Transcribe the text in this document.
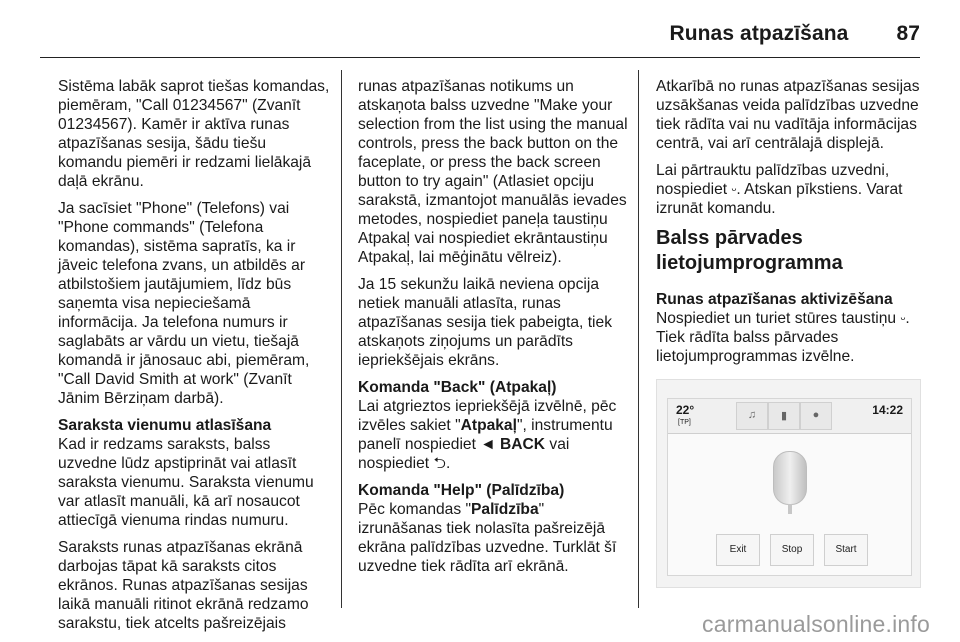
Runas atpazīšana 87

Sistēma labāk saprot tiešas komandas, piemēram, "Call 01234567" (Zvanīt 01234567). Kamēr ir aktīva runas atpazīšanas sesija, šādu tiešu komandu piemēri ir redzami lielākajā daļā ekrānu.

Ja sacīsiet "Phone" (Telefons) vai "Phone commands" (Telefona komandas), sistēma sapratīs, ka ir jāveic telefona zvans, un atbildēs ar atbilstošiem jautājumiem, līdz būs saņemta visa nepieciešamā informācija. Ja telefona numurs ir saglabāts ar vārdu un vietu, tiešajā komandā ir jānosauc abi, piemēram, "Call David Smith at work" (Zvanīt Jānim Bērziņam darbā).

Saraksta vienumu atlasīšana

Kad ir redzams saraksts, balss uzvedne lūdz apstiprināt vai atlasīt saraksta vienumu. Saraksta vienumu var atlasīt manuāli, kā arī nosaucot attiecīgā vienuma rindas numuru.

Saraksts runas atpazīšanas ekrānā darbojas tāpat kā saraksts citos ekrānos. Runas atpazīšanas sesijas laikā manuāli ritinot ekrānā redzamo sarakstu, tiek atcelts pašreizējais

runas atpazīšanas notikums un atskaņota balss uzvedne "Make your selection from the list using the manual controls, press the back button on the faceplate, or press the back screen button to try again" (Atlasiet opciju sarakstā, izmantojot manuālās ievades metodes, nospiediet paneļa taustiņu Atpakaļ vai nospiediet ekrāntaustiņu Atpakaļ, lai mēģinātu vēlreiz).

Ja 15 sekunžu laikā neviena opcija netiek manuāli atlasīta, runas atpazīšanas sesija tiek pabeigta, tiek atskaņots ziņojums un parādīts iepriekšējais ekrāns.

Komanda "Back" (Atpakaļ)

Lai atgrieztos iepriekšējā izvēlnē, pēc izvēles sakiet "Atpakaļ", instrumentu panelī nospiediet ◄ BACK vai nospiediet ⮌.

Komanda "Help" (Palīdzība)

Pēc komandas "Palīdzība" izrunāšanas tiek nolasīta pašreizējā ekrāna palīdzības uzvedne. Turklāt šī uzvedne tiek rādīta arī ekrānā.

Atkarībā no runas atpazīšanas sesijas uzsākšanas veida palīdzības uzvedne tiek rādīta vai nu vadītāja informācijas centrā, vai arī centrālajā displejā.

Lai pārtrauktu palīdzības uzvedni, nospiediet ᵕ. Atskan pīkstiens. Varat izrunāt komandu.

Balss pārvades
lietojumprogramma
Runas atpazīšanas aktivizēšana

Nospiediet un turiet stūres taustiņu ᵕ. Tiek rādīta balss pārvades lietojumprogrammas izvēlne.

22°
[TP]
♫	▮	●	14:22
Exit	Stop	Start
carmanualsonline.info
